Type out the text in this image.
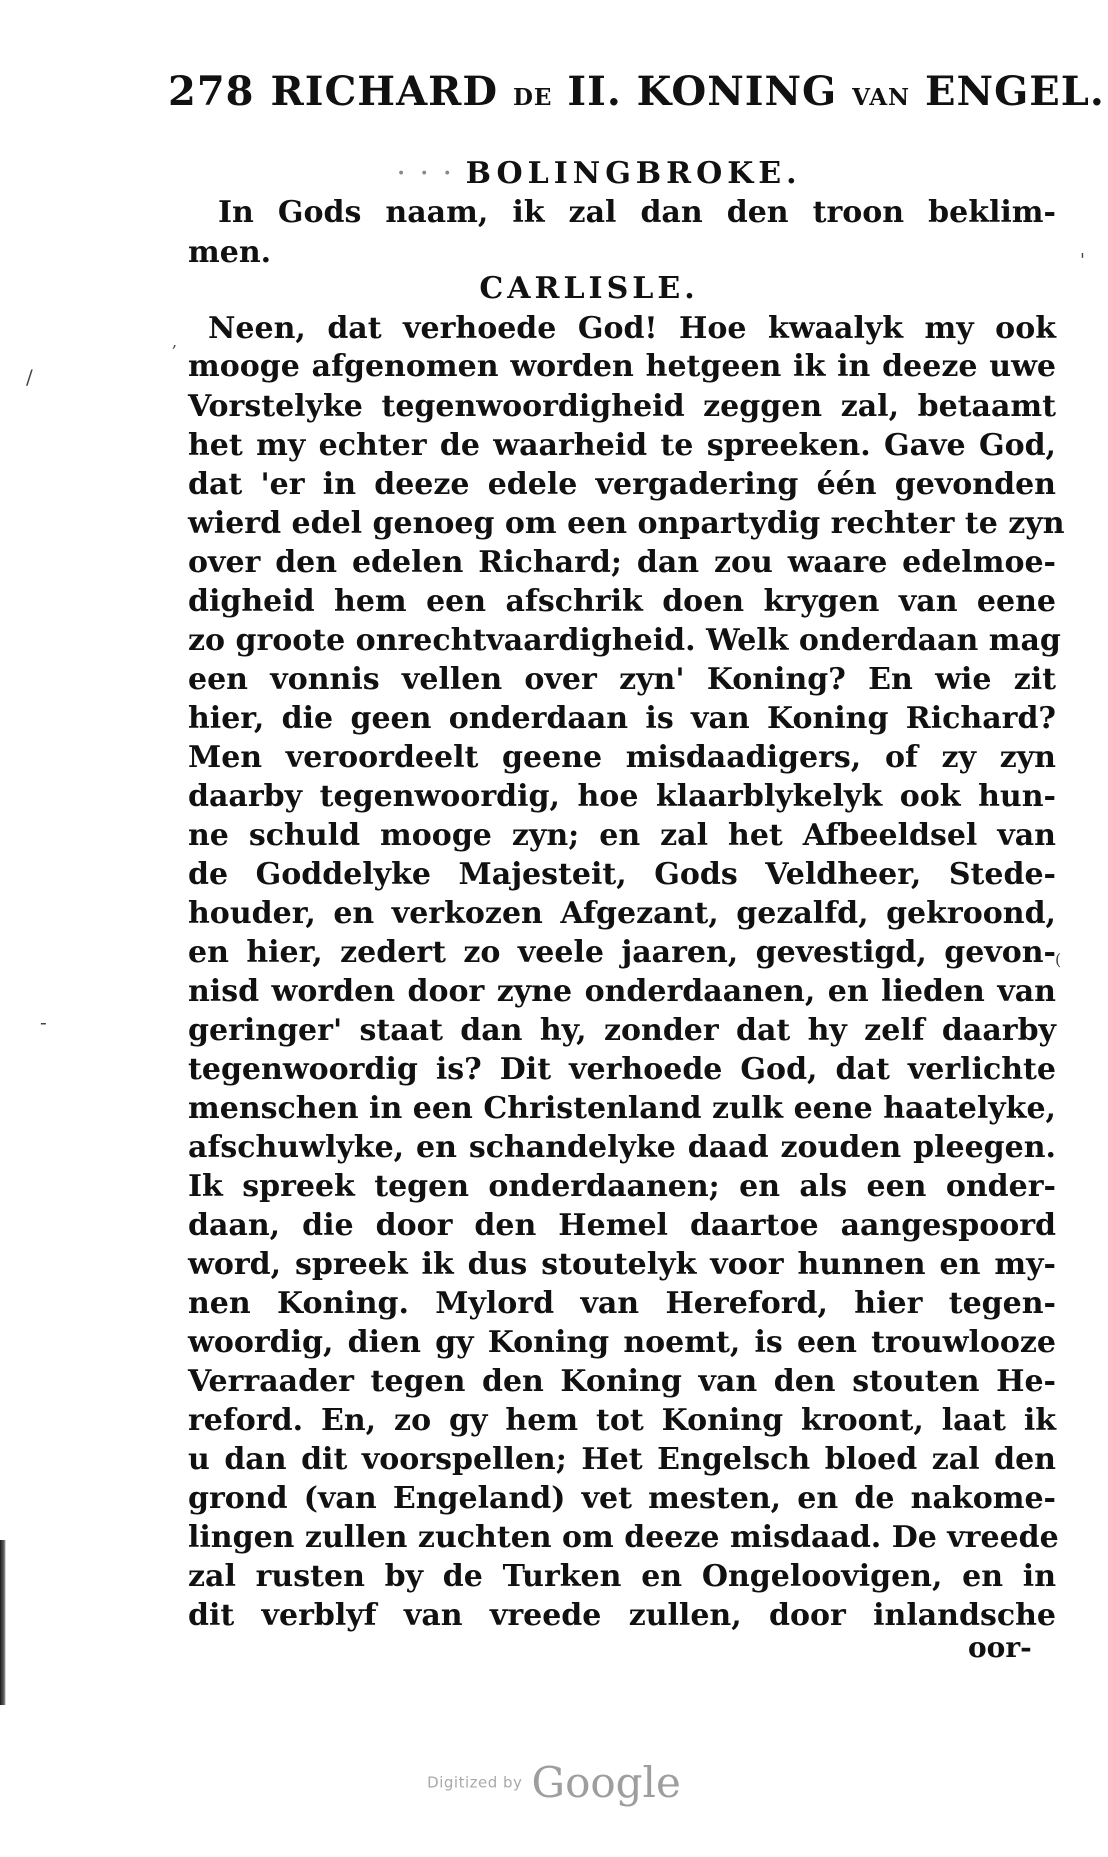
/
,
-
(
'
278 RICHARD DE II. KONING VAN ENGEL.
· · · BOLINGBROKE.
In Gods naam, ik zal dan den troon beklim-
men.
CARLISLE.
Neen, dat verhoede God! Hoe kwaalyk my ook
mooge afgenomen worden hetgeen ik in deeze uwe
Vorstelyke tegenwoordigheid zeggen zal, betaamt
het my echter de waarheid te spreeken. Gave God,
dat 'er in deeze edele vergadering één gevonden
wierd edel genoeg om een onpartydig rechter te zyn
over den edelen Richard; dan zou waare edelmoe-
digheid hem een afschrik doen krygen van eene
zo groote onrechtvaardigheid. Welk onderdaan mag
een vonnis vellen over zyn' Koning? En wie zit
hier, die geen onderdaan is van Koning Richard?
Men veroordeelt geene misdaadigers, of zy zyn
daarby tegenwoordig, hoe klaarblykelyk ook hun-
ne schuld mooge zyn; en zal het Afbeeldsel van
de Goddelyke Majesteit, Gods Veldheer, Stede-
houder, en verkozen Afgezant, gezalfd, gekroond,
en hier, zedert zo veele jaaren, gevestigd, gevon-
nisd worden door zyne onderdaanen, en lieden van
geringer' staat dan hy, zonder dat hy zelf daarby
tegenwoordig is? Dit verhoede God, dat verlichte
menschen in een Christenland zulk eene haatelyke,
afschuwlyke, en schandelyke daad zouden pleegen.
Ik spreek tegen onderdaanen; en als een onder-
daan, die door den Hemel daartoe aangespoord
word, spreek ik dus stoutelyk voor hunnen en my-
nen Koning. Mylord van Hereford, hier tegen-
woordig, dien gy Koning noemt, is een trouwlooze
Verraader tegen den Koning van den stouten He-
reford. En, zo gy hem tot Koning kroont, laat ik
u dan dit voorspellen; Het Engelsch bloed zal den
grond (van Engeland) vet mesten, en de nakome-
lingen zullen zuchten om deeze misdaad. De vreede
zal rusten by de Turken en Ongeloovigen, en in
dit verblyf van vreede zullen, door inlandsche
oor-
Digitized by Google
